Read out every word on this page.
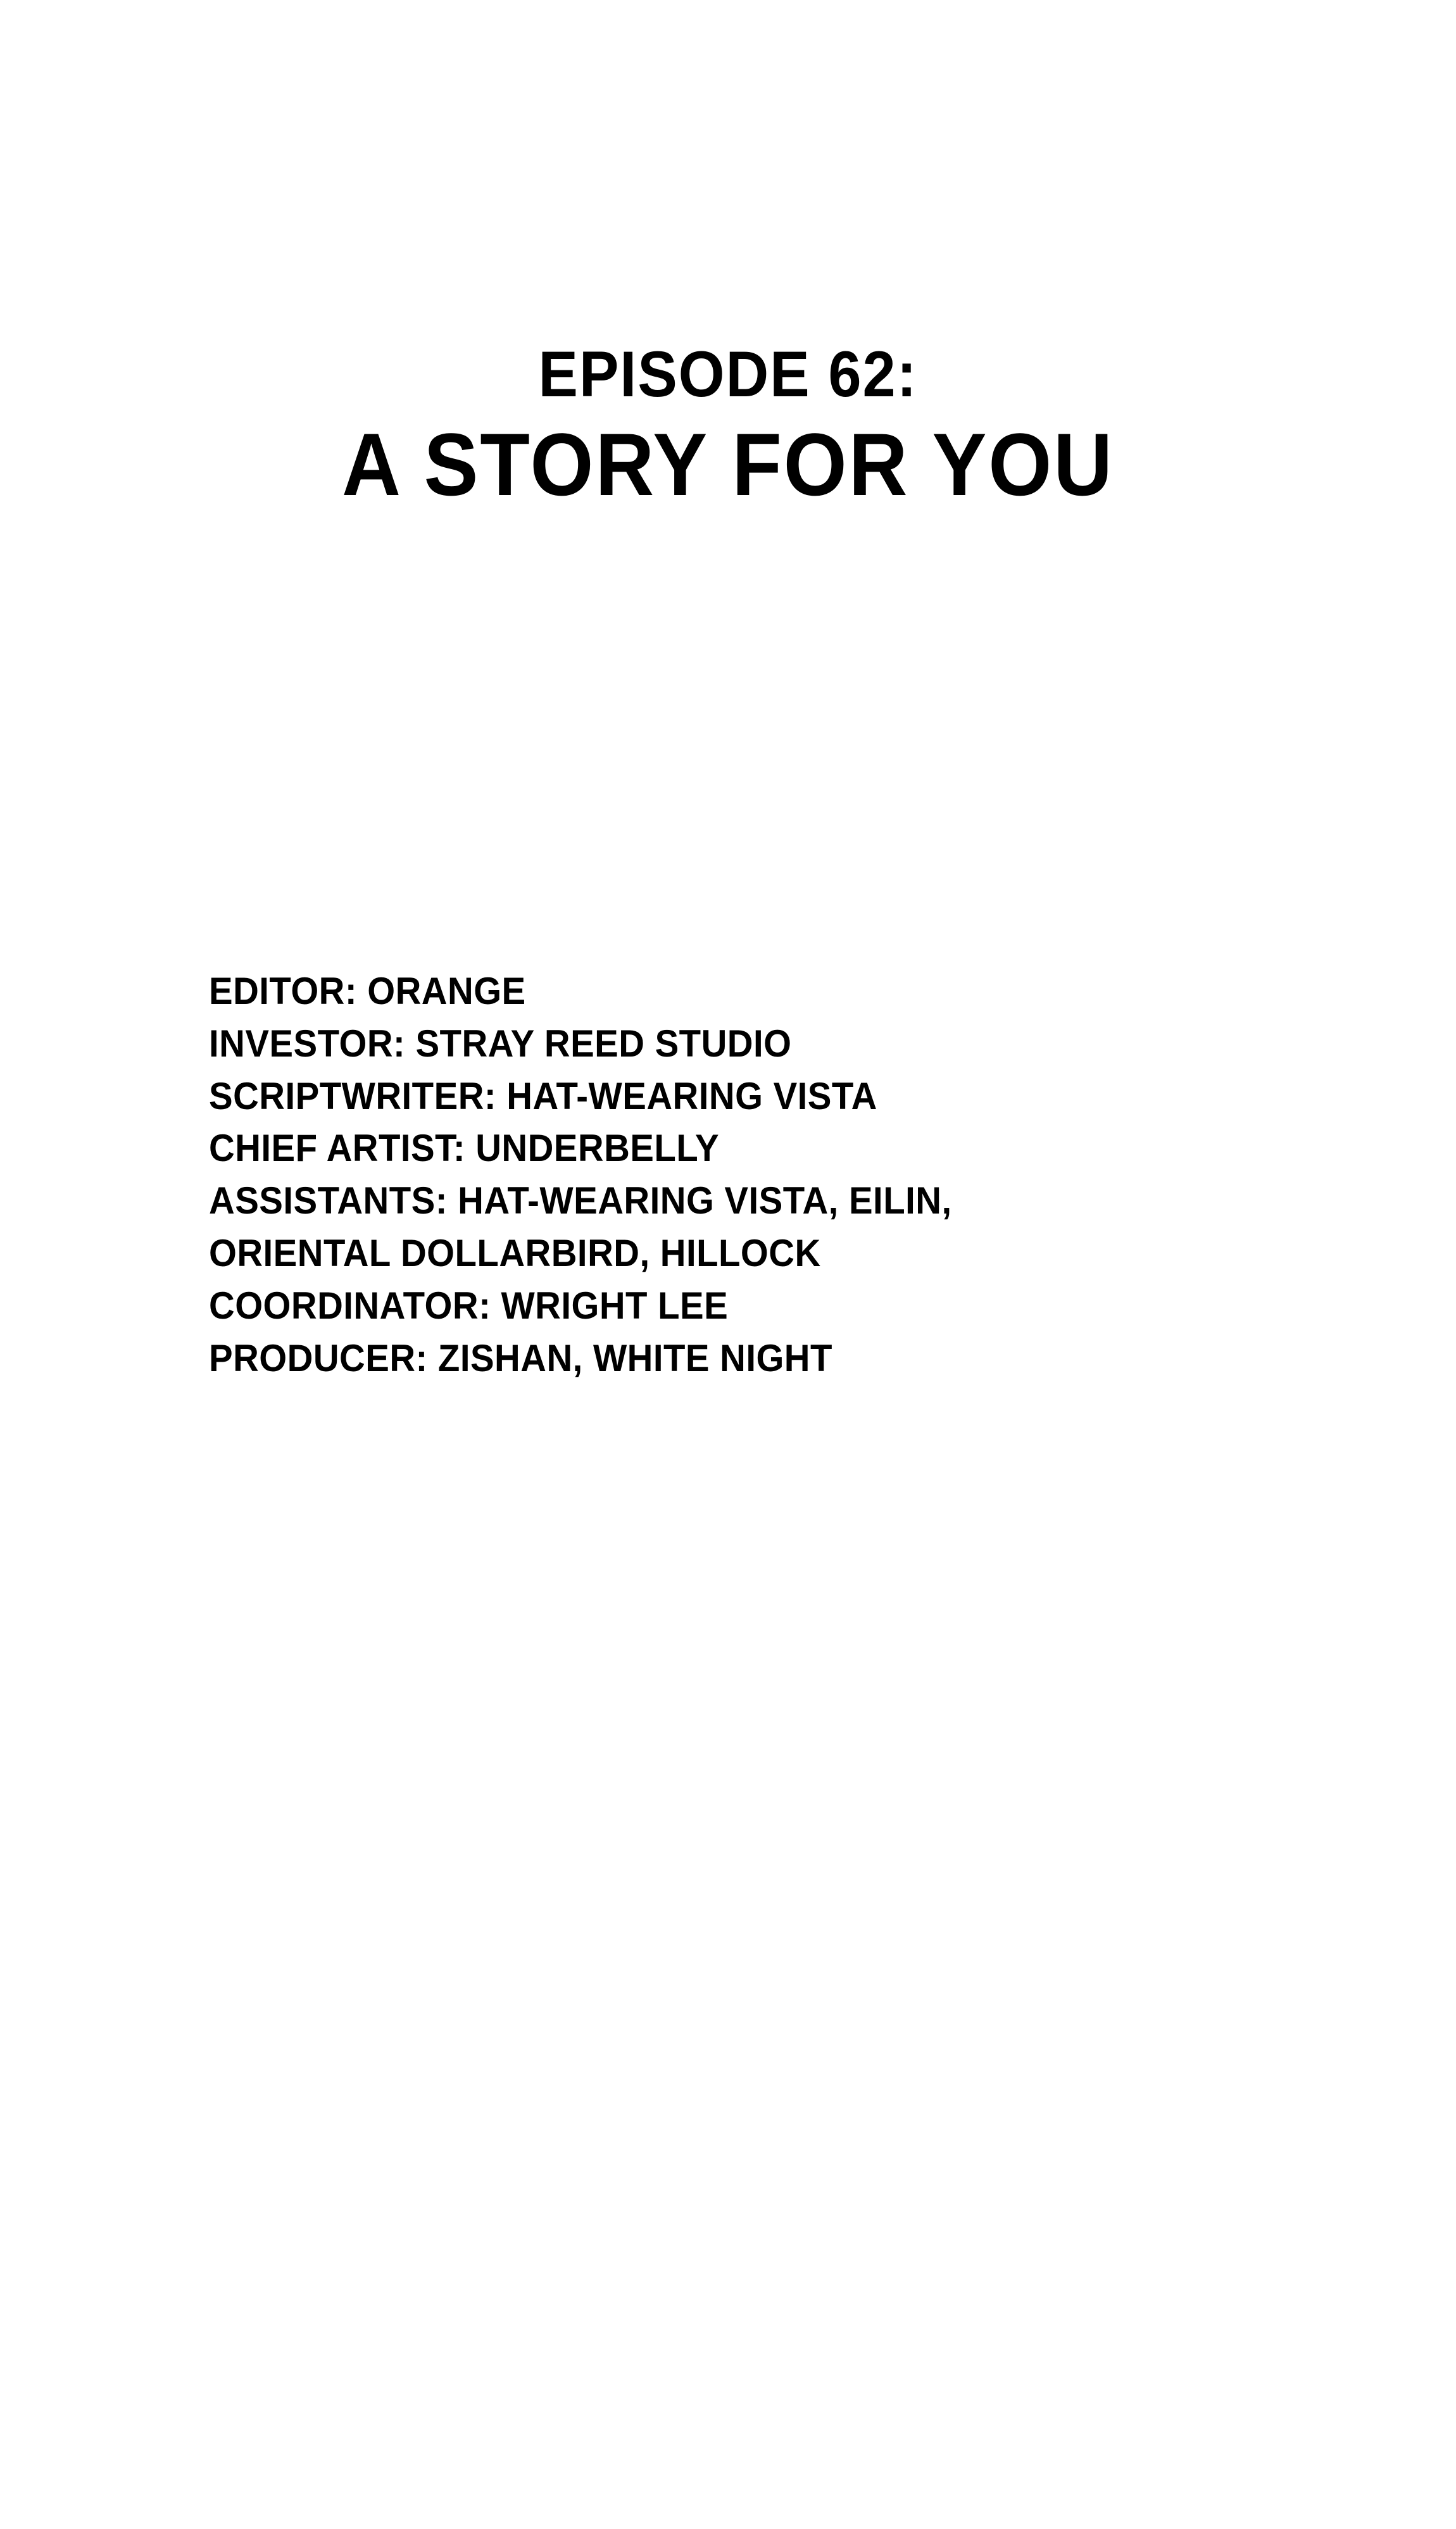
EPISODE 62:
A STORY FOR YOU
EDITOR: ORANGE
INVESTOR: STRAY REED STUDIO
SCRIPTWRITER: HAT-WEARING VISTA
CHIEF ARTIST: UNDERBELLY
ASSISTANTS: HAT-WEARING VISTA, EILIN,
ORIENTAL DOLLARBIRD, HILLOCK
COORDINATOR: WRIGHT LEE
PRODUCER: ZISHAN, WHITE NIGHT
